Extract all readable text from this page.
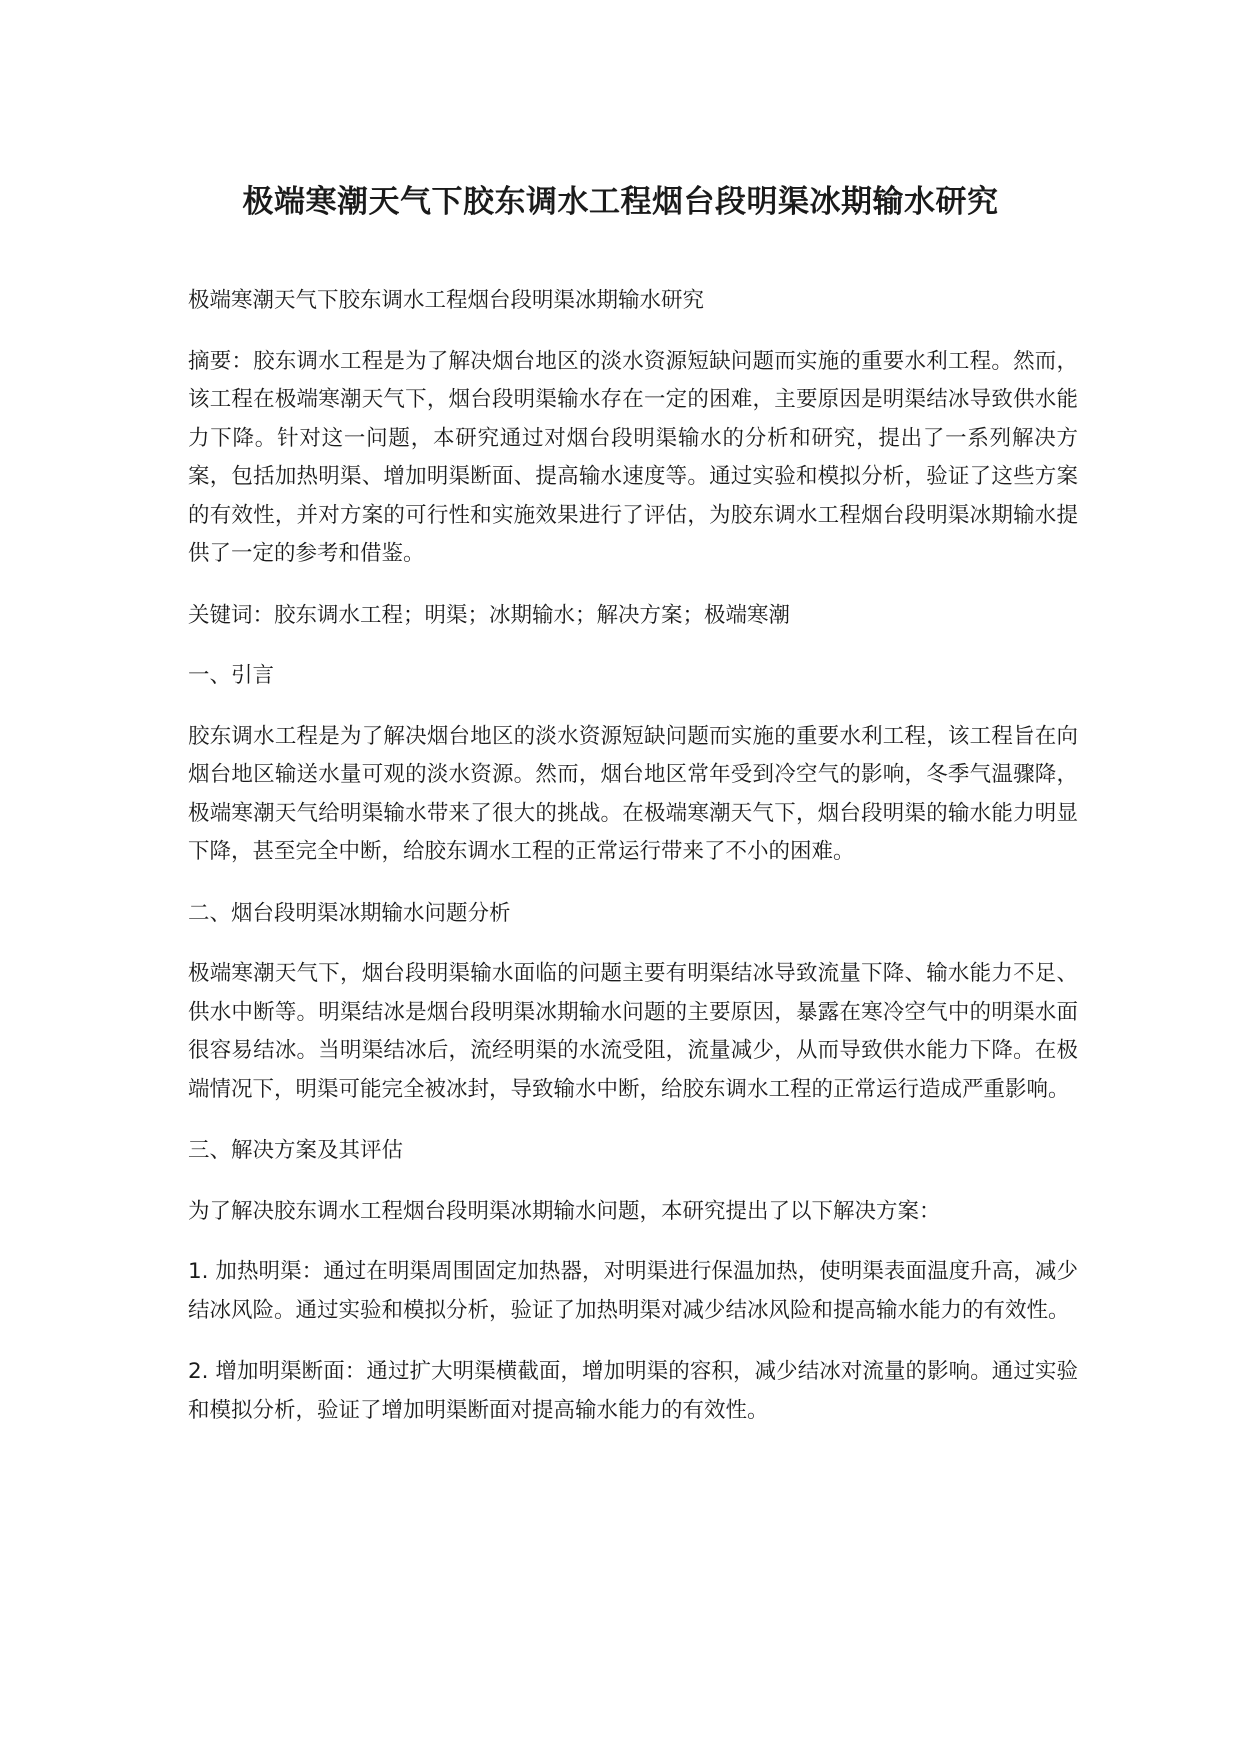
极端寒潮天气下胶东调水工程烟台段明渠冰期输水研究

极端寒潮天气下胶东调水工程烟台段明渠冰期输水研究

摘要：胶东调水工程是为了解决烟台地区的淡水资源短缺问题而实施的重要水利工程。然而，该工程在极端寒潮天气下，烟台段明渠输水存在一定的困难，主要原因是明渠结冰导致供水能力下降。针对这一问题，本研究通过对烟台段明渠输水的分析和研究，提出了一系列解决方案，包括加热明渠、增加明渠断面、提高输水速度等。通过实验和模拟分析，验证了这些方案的有效性，并对方案的可行性和实施效果进行了评估，为胶东调水工程烟台段明渠冰期输水提供了一定的参考和借鉴。

关键词：胶东调水工程；明渠；冰期输水；解决方案；极端寒潮

一、引言

胶东调水工程是为了解决烟台地区的淡水资源短缺问题而实施的重要水利工程，该工程旨在向烟台地区输送水量可观的淡水资源。然而，烟台地区常年受到冷空气的影响，冬季气温骤降，极端寒潮天气给明渠输水带来了很大的挑战。在极端寒潮天气下，烟台段明渠的输水能力明显下降，甚至完全中断，给胶东调水工程的正常运行带来了不小的困难。

二、烟台段明渠冰期输水问题分析

极端寒潮天气下，烟台段明渠输水面临的问题主要有明渠结冰导致流量下降、输水能力不足、供水中断等。明渠结冰是烟台段明渠冰期输水问题的主要原因，暴露在寒冷空气中的明渠水面很容易结冰。当明渠结冰后，流经明渠的水流受阻，流量减少，从而导致供水能力下降。在极端情况下，明渠可能完全被冰封，导致输水中断，给胶东调水工程的正常运行造成严重影响。

三、解决方案及其评估

为了解决胶东调水工程烟台段明渠冰期输水问题，本研究提出了以下解决方案：

1. 加热明渠：通过在明渠周围固定加热器，对明渠进行保温加热，使明渠表面温度升高，减少结冰风险。通过实验和模拟分析，验证了加热明渠对减少结冰风险和提高输水能力的有效性。

2. 增加明渠断面：通过扩大明渠横截面，增加明渠的容积，减少结冰对流量的影响。通过实验和模拟分析，验证了增加明渠断面对提高输水能力的有效性。
